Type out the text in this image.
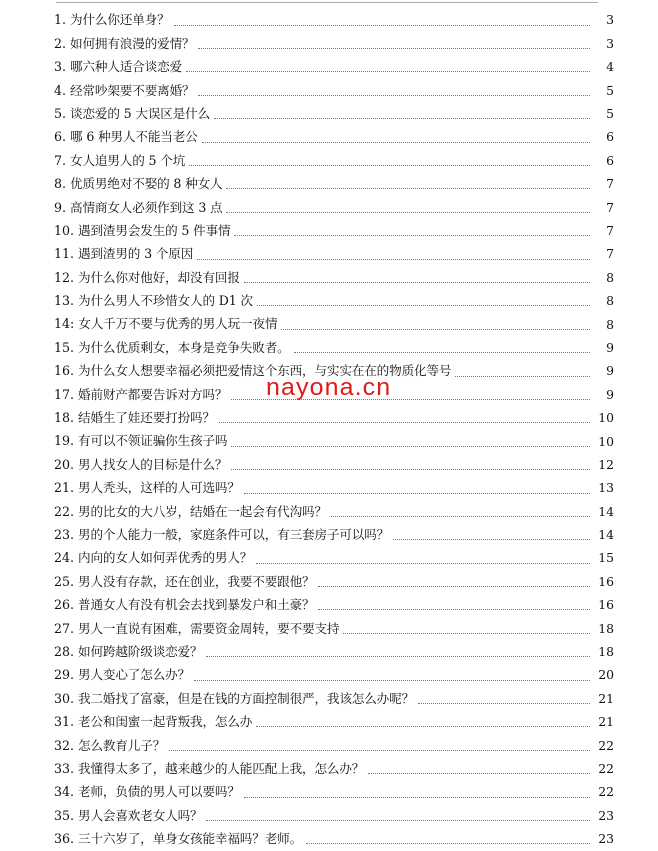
1. 为什么你还单身？	3
2. 如何拥有浪漫的爱情？	3
3. 哪六种人适合谈恋爱	4
4. 经常吵架要不要离婚？	5
5. 谈恋爱的 5 大误区是什么	5
6. 哪 6 种男人不能当老公	6
7. 女人追男人的 5 个坑	6
8. 优质男绝对不娶的 8 种女人	7
9. 高情商女人必须作到这 3 点	7
10. 遇到渣男会发生的 5 件事情	7
11. 遇到渣男的 3 个原因	7
12. 为什么你对他好，却没有回报	8
13. 为什么男人不珍惜女人的 D1 次	8
14: 女人千万不要与优秀的男人玩一夜情	8
15. 为什么优质剩女，本身是竞争失败者。	9
16. 为什么女人想要幸福必须把爱情这个东西，与实实在在的物质化等号	9
17. 婚前财产都要告诉对方吗？	9
18. 结婚生了娃还要打扮吗？	10
19. 有可以不领证骗你生孩子吗	10
20. 男人找女人的目标是什么？	12
21. 男人秃头，这样的人可选吗？	13
22. 男的比女的大八岁，结婚在一起会有代沟吗？	14
23. 男的个人能力一般，家庭条件可以，有三套房子可以吗？	14
24. 内向的女人如何弄优秀的男人？	15
25. 男人没有存款，还在创业，我要不要跟他？	16
26. 普通女人有没有机会去找到暴发户和土豪？	16
27. 男人一直说有困难，需要资金周转，要不要支持	18
28. 如何跨越阶级谈恋爱？	18
29. 男人变心了怎么办？	20
30. 我二婚找了富豪，但是在钱的方面控制很严，我该怎么办呢？	21
31. 老公和闺蜜一起背叛我，怎么办	21
32. 怎么教育儿子？	22
33. 我懂得太多了，越来越少的人能匹配上我，怎么办？	22
34. 老师，负债的男人可以要吗？	22
35. 男人会喜欢老女人吗？	23
36. 三十六岁了，单身女孩能幸福吗？老师。	23
nayona.cn
